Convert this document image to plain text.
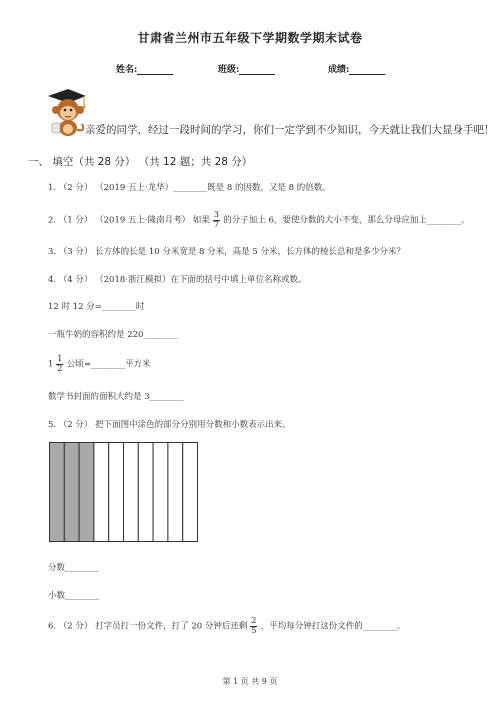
甘肃省兰州市五年级下学期数学期末试卷
姓名:	班级:	成绩:
亲爱的同学，经过一段时间的学习，你们一定学到不少知识，今天就让我们大显身手吧！
一、 填空（共 28 分） （共 12 题；共 28 分）
1. （2 分） （2019 五上·龙华）________既是 8 的因数，又是 8 的倍数。
2. （1 分） （2019 五上·隆南月考） 如果 $\frac{3}{7}$ 的分子加上 6，要使分数的大小不变，那么分母应加上________。
3. （3 分） 长方体的长是 10 分米宽是 8 分米，高是 5 分米，长方体的棱长总和是多少分米？
4. （4 分） （2018·浙江模拟）在下面的括号中填上单位名称或数。
12 时 12 分=________时
一瓶牛奶的容积约是 220________
$1 \frac{1}{2}$ 公顷=________平方米
数学书封面的面积大约是 3________
5. （2 分） 把下面图中涂色的部分分别用分数和小数表示出来。
分数________
小数________
6. （2 分） 打字员打一份文件，打了 20 分钟后还剩 $\frac{2}{5}$ ，平均每分钟打这份文件的________。
第 1 页 共 9 页
